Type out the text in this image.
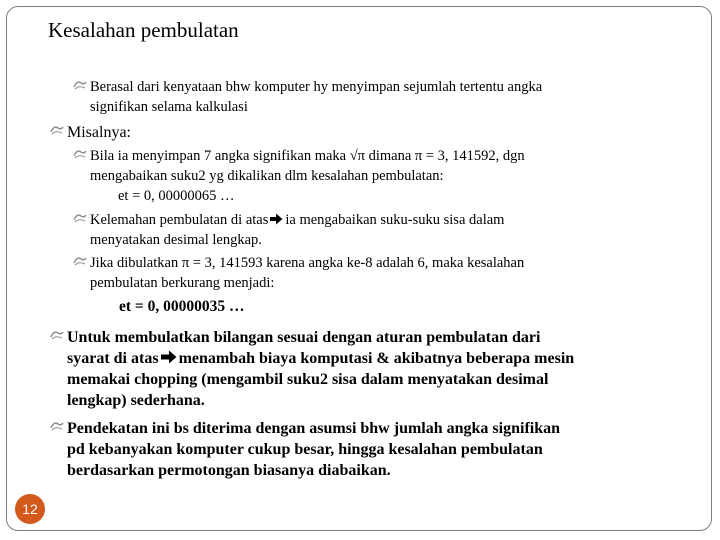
Kesalahan pembulatan
Berasal dari kenyataan bhw komputer hy menyimpan sejumlah tertentu angka
signifikan selama kalkulasi
Misalnya:
Bila ia menyimpan 7 angka signifikan maka √π dimana π = 3, 141592, dgn
mengabaikan suku2 yg dikalikan dlm kesalahan pembulatan:
et = 0, 00000065 …
Kelemahan pembulatan di atas ia mengabaikan suku-suku sisa dalam
menyatakan desimal lengkap.
Jika dibulatkan π = 3, 141593 karena angka ke-8 adalah 6, maka kesalahan
pembulatan berkurang menjadi:
et = 0, 00000035 …
Untuk membulatkan bilangan sesuai dengan aturan pembulatan dari
syarat di atas menambah biaya komputasi & akibatnya beberapa mesin
memakai chopping (mengambil suku2 sisa dalam menyatakan desimal
lengkap) sederhana.
Pendekatan ini bs diterima dengan asumsi bhw jumlah angka signifikan
pd kebanyakan komputer cukup besar, hingga kesalahan pembulatan
berdasarkan permotongan biasanya diabaikan.
12
